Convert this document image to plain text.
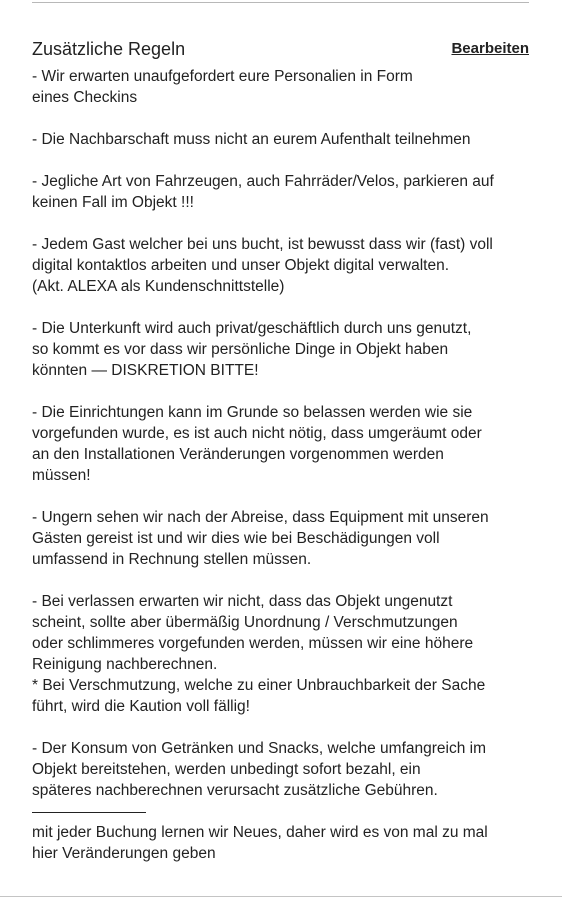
Zusätzliche Regeln	Bearbeiten
- Wir erwarten unaufgefordert eure Personalien in Form
eines Checkins
- Die Nachbarschaft muss nicht an eurem Aufenthalt teilnehmen
- Jegliche Art von Fahrzeugen, auch Fahrräder/Velos, parkieren auf
keinen Fall im Objekt !!!
- Jedem Gast welcher bei uns bucht, ist bewusst dass wir (fast) voll
digital kontaktlos arbeiten und unser Objekt digital verwalten.
(Akt. ALEXA als Kundenschnittstelle)
- Die Unterkunft wird auch privat/geschäftlich durch uns genutzt,
so kommt es vor dass wir persönliche Dinge in Objekt haben
könnten — DISKRETION BITTE!
- Die Einrichtungen kann im Grunde so belassen werden wie sie
vorgefunden wurde, es ist auch nicht nötig, dass umgeräumt oder
an den Installationen Veränderungen vorgenommen werden
müssen!
- Ungern sehen wir nach der Abreise, dass Equipment mit unseren
Gästen gereist ist und wir dies wie bei Beschädigungen voll
umfassend in Rechnung stellen müssen.
- Bei verlassen erwarten wir nicht, dass das Objekt ungenutzt
scheint, sollte aber übermäßig Unordnung / Verschmutzungen
oder schlimmeres vorgefunden werden, müssen wir eine höhere
Reinigung nachberechnen.
* Bei Verschmutzung, welche zu einer Unbrauchbarkeit der Sache
führt, wird die Kaution voll fällig!
- Der Konsum von Getränken und Snacks, welche umfangreich im
Objekt bereitstehen, werden unbedingt sofort bezahl, ein
späteres nachberechnen verursacht zusätzliche Gebühren.
mit jeder Buchung lernen wir Neues, daher wird es von mal zu mal
hier Veränderungen geben
